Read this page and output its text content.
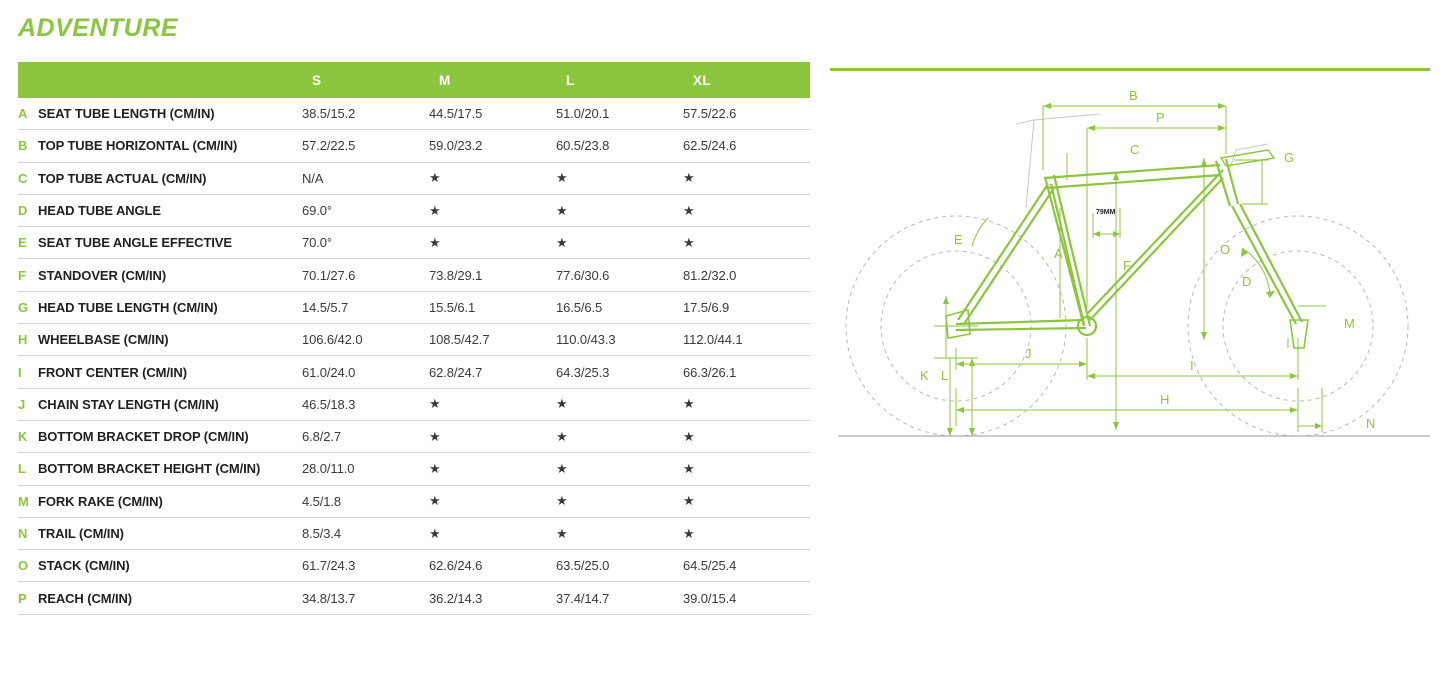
ADVENTURE
		S	M	L	XL
A	SEAT TUBE LENGTH (CM/IN)	38.5/15.2	44.5/17.5	51.0/20.1	57.5/22.6
B	TOP TUBE HORIZONTAL (CM/IN)	57.2/22.5	59.0/23.2	60.5/23.8	62.5/24.6
C	TOP TUBE ACTUAL (CM/IN)	N/A	★	★	★
D	HEAD TUBE ANGLE	69.0°	★	★	★
E	SEAT TUBE ANGLE EFFECTIVE	70.0°	★	★	★
F	STANDOVER (CM/IN)	70.1/27.6	73.8/29.1	77.6/30.6	81.2/32.0
G	HEAD TUBE LENGTH (CM/IN)	14.5/5.7	15.5/6.1	16.5/6.5	17.5/6.9
H	WHEELBASE (CM/IN)	106.6/42.0	108.5/42.7	110.0/43.3	112.0/44.1
I	FRONT CENTER (CM/IN)	61.0/24.0	62.8/24.7	64.3/25.3	66.3/26.1
J	CHAIN STAY LENGTH (CM/IN)	46.5/18.3	★	★	★
K	BOTTOM BRACKET DROP (CM/IN)	6.8/2.7	★	★	★
L	BOTTOM BRACKET HEIGHT (CM/IN)	28.0/11.0	★	★	★
M	FORK RAKE (CM/IN)	4.5/1.8	★	★	★
N	TRAIL (CM/IN)	8.5/3.4	★	★	★
O	STACK (CM/IN)	61.7/24.3	62.6/24.6	63.5/25.0	64.5/25.4
P	REACH (CM/IN)	34.8/13.7	36.2/14.3	37.4/14.7	39.0/15.4
B
P
C
G
E
A
F
O
D
M
K L
J
I
H
N
79MM
